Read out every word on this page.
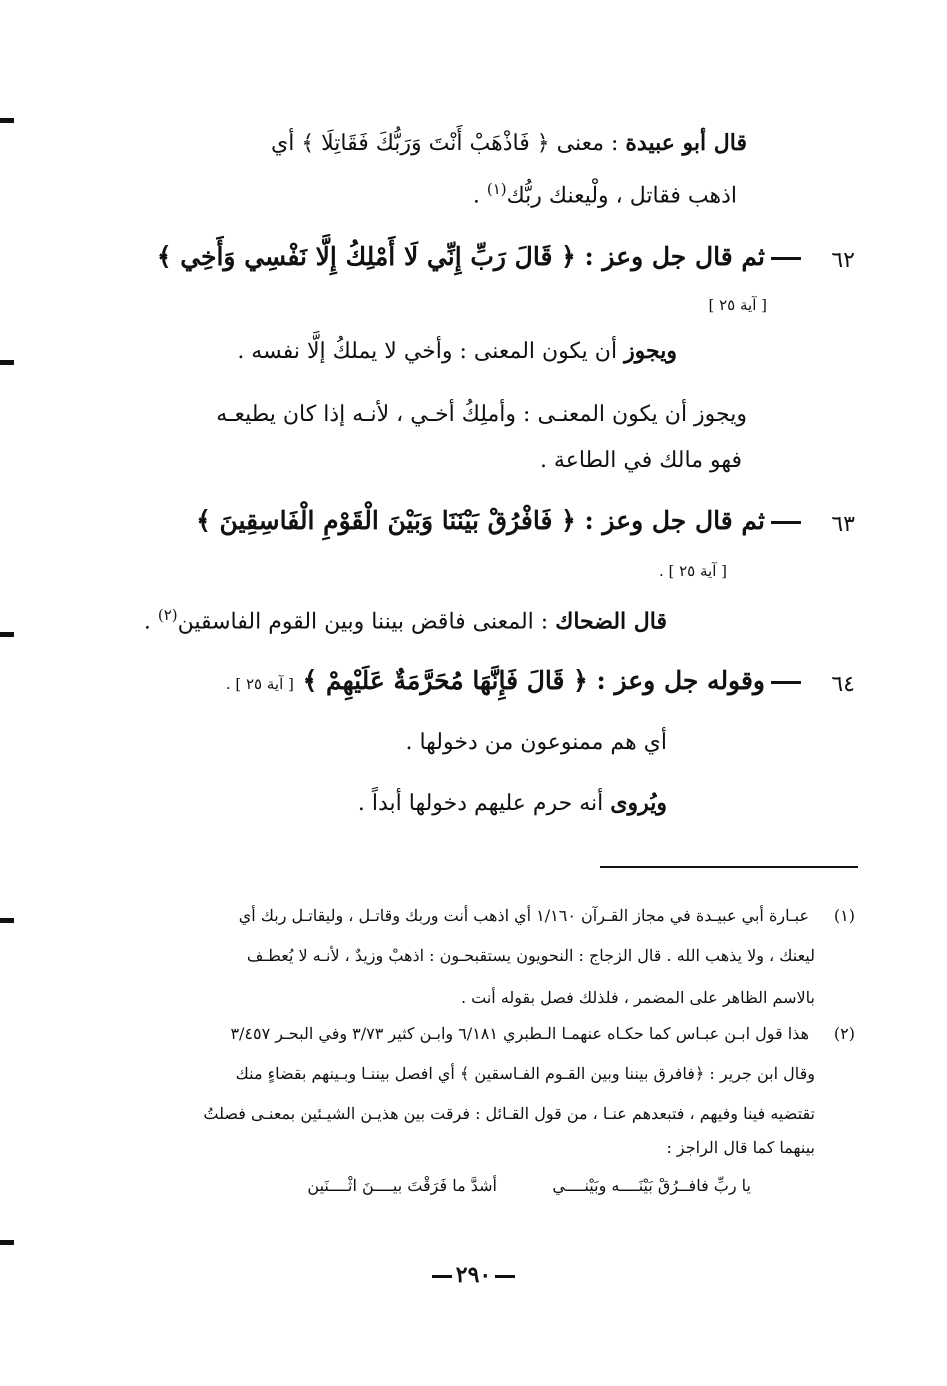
قال أبو عبيدة : معنى ﴿ فَاذْهَبْ أَنْتَ وَرَبُّكَ فَقَاتِلَا ﴾ أي
اذهب فقاتل ، ولْيعنك ربُّك$^{(١)}$ .
٦٢
ثم قال جل وعز : ﴿ قَالَ رَبِّ إِنِّي لَا أَمْلِكُ إِلَّا نَفْسِي وَأَخِي ﴾
[ آية ٢٥ ]
ويجوز أن يكون المعنى : وأخي لا يملكُ إلَّا نفسه .
ويجوز أن يكون المعنـى : وأملِكُ أخـي ، لأنـه إذا كان يطيعـه
فهو مالك في الطاعة .
٦٣
ثم قال جل وعز : ﴿ فَافْرُقْ بَيْنَنَا وَبَيْنَ الْقَوْمِ الْفَاسِقِينَ ﴾
[ آية ٢٥ ] .
قال الضحاك : المعنى فاقض بيننا وبين القوم الفاسقين$^{(٢)}$ .
٦٤
وقوله جل وعز : ﴿ قَالَ فَإِنَّهَا مُحَرَّمَةٌ عَلَيْهِمْ ﴾ [ آية ٢٥ ] .
أي هم ممنوعون من دخولها .
ويُروى أنه حرم عليهم دخولها أبداً .
(١)
عبـارة أبي عبيـدة في مجاز القـرآن ١/١٦٠ أي اذهب أنت وربك وقاتـل ، وليقاتـل ربك أي
ليعنك ، ولا يذهب الله . قال الزجاج : النحويون يستقبحـون : اذهبْ وزيدٌ ، لأنـه لا يُعطـف
بالاسم الظاهر على المضمر ، فلذلك فصل بقوله أنت .
(٢)
هذا قول ابـن عبـاس كما حكـاه عنهمـا الـطبري ٦/١٨١ وابـن كثير ٣/٧٣ وفي البحـر ٣/٤٥٧
وقال ابن جرير : ﴿فافرق بيننا وبين القـوم الفـاسقين ﴾ أي افصل بيننـا وبـينهم بقضاءٍ منك
تقتضيه فينا وفيهم ، فتبعدهم عنـا ، من قول القـائل : فرقت بين هذيـن الشيـئين بمعنـى فصلتُ
بينهما كما قال الراجز :
يا ربِّ فافــرُقْ بَيْنَــــه وبَيْنــــي
أشدَّ ما فَرَقْتَ بيــــنَ اثْــــنَين
٢٩٠
